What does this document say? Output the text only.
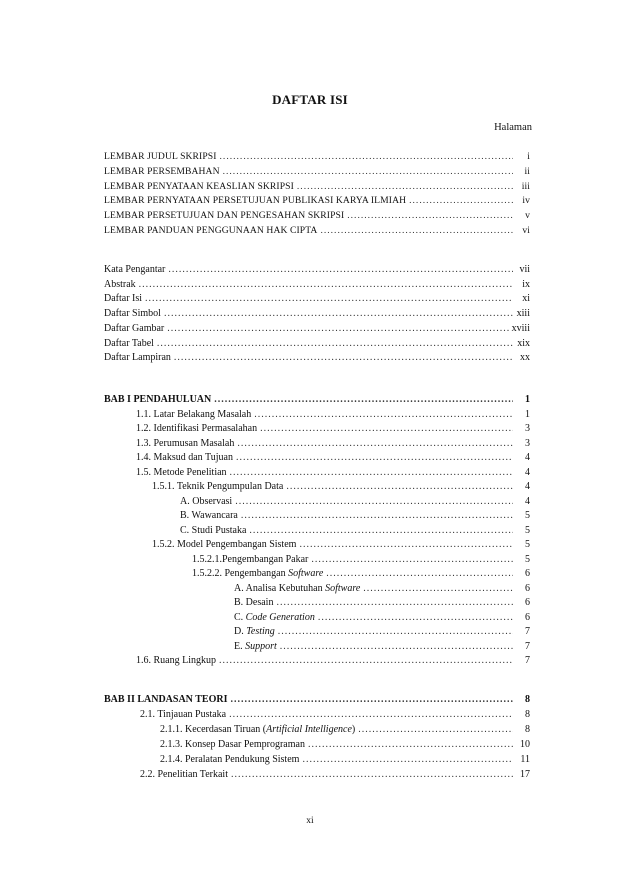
DAFTAR ISI
Halaman
LEMBAR JUDUL SKRIPSI .....	i
LEMBAR PERSEMBAHAN .....	ii
LEMBAR PENYATAAN KEASLIAN SKRIPSI .....	iii
LEMBAR PERNYATAAN PERSETUJUAN PUBLIKASI KARYA ILMIAH .....	iv
LEMBAR PERSETUJUAN DAN PENGESAHAN SKRIPSI .....	v
LEMBAR PANDUAN PENGGUNAAN HAK CIPTA .....	vi
Kata Pengantar .....	vii
Abstrak .....	ix
Daftar Isi .....	xi
Daftar Simbol .....	xiii
Daftar Gambar .....	xviii
Daftar Tabel .....	xix
Daftar Lampiran .....	xx
BAB I PENDAHULUAN .....	1
1.1. Latar Belakang Masalah .....	1
1.2. Identifikasi Permasalahan .....	3
1.3. Perumusan Masalah .....	3
1.4. Maksud dan Tujuan .....	4
1.5. Metode Penelitian .....	4
1.5.1. Teknik Pengumpulan Data .....	4
A. Observasi .....	4
B. Wawancara .....	5
C. Studi Pustaka .....	5
1.5.2. Model Pengembangan Sistem .....	5
1.5.2.1.Pengembangan Pakar .....	5
1.5.2.2. Pengembangan Software .....	6
A. Analisa Kebutuhan Software .....	6
B. Desain .....	6
C. Code Generation .....	6
D. Testing .....	7
E. Support .....	7
1.6. Ruang Lingkup .....	7
BAB II LANDASAN TEORI .....	8
2.1. Tinjauan Pustaka .....	8
2.1.1. Kecerdasan Tiruan (Artificial Intelligence) .....	8
2.1.3. Konsep Dasar Pemprograman .....	10
2.1.4. Peralatan Pendukung Sistem .....	11
2.2. Penelitian Terkait .....	17
xi
